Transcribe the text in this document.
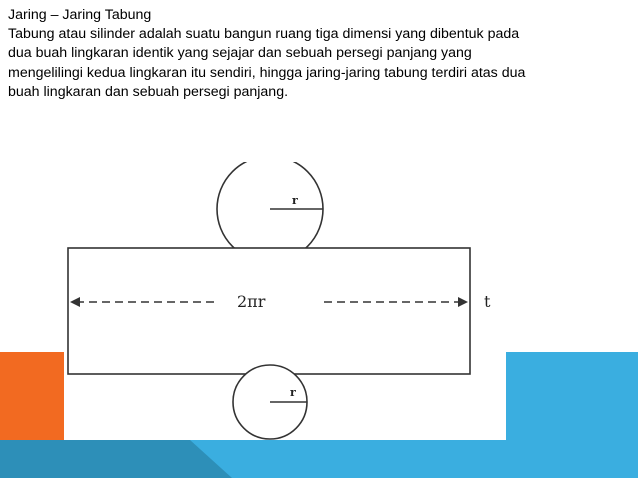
Jaring – Jaring Tabung
Tabung atau silinder adalah suatu bangun ruang tiga dimensi yang dibentuk pada
dua buah lingkaran identik yang sejajar dan sebuah persegi panjang yang
mengelilingi kedua lingkaran itu sendiri, hingga jaring-jaring tabung terdiri atas dua
buah lingkaran dan sebuah persegi panjang.
r
2πr	t
r
